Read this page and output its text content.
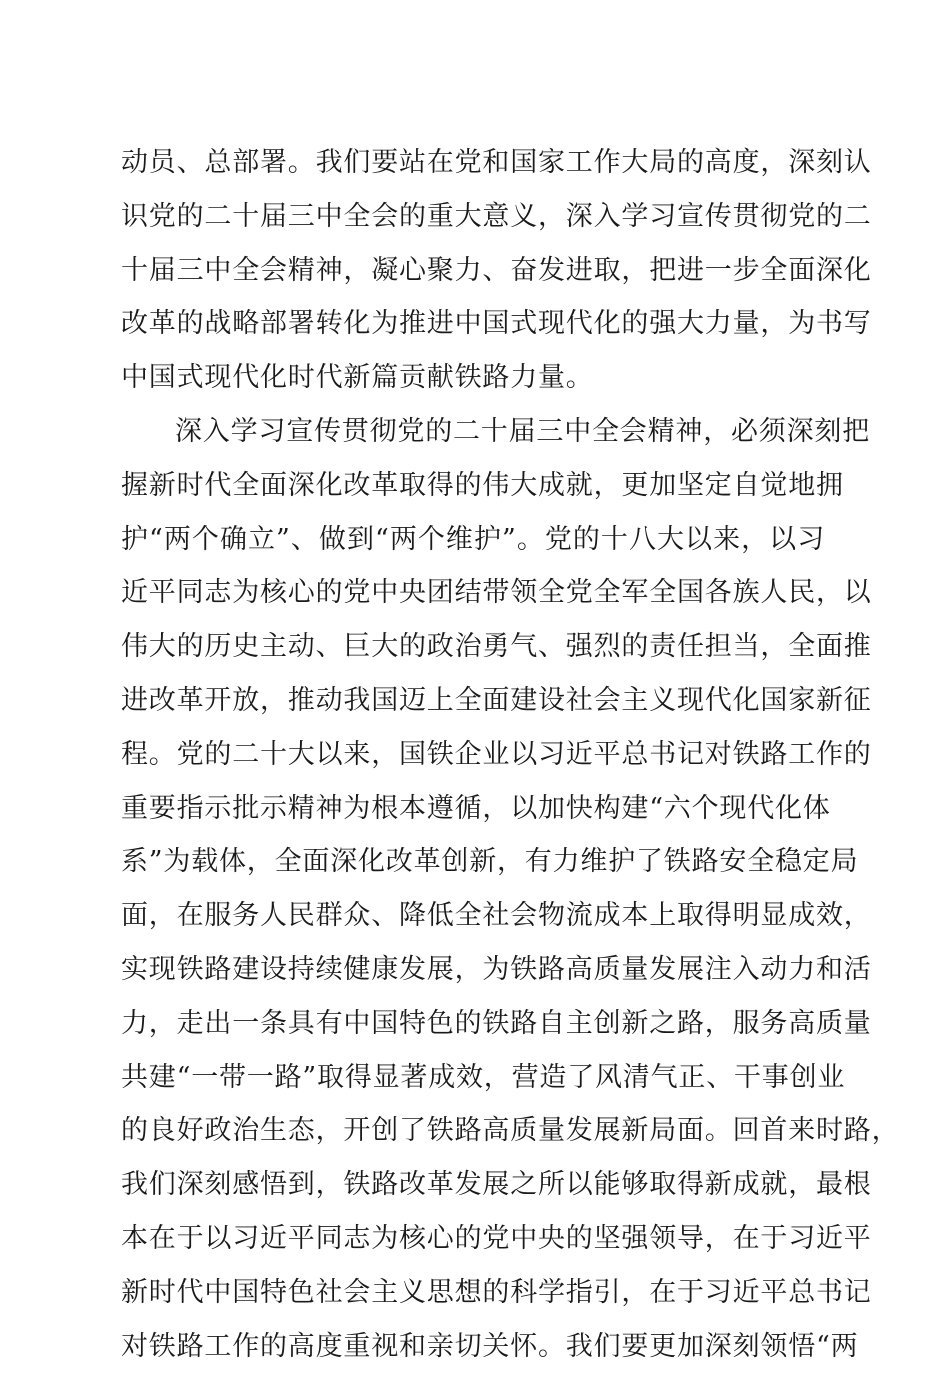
动员、总部署。我们要站在党和国家工作大局的高度，深刻认
识党的二十届三中全会的重大意义，深入学习宣传贯彻党的二
十届三中全会精神，凝心聚力、奋发进取，把进一步全面深化
改革的战略部署转化为推进中国式现代化的强大力量，为书写
中国式现代化时代新篇贡献铁路力量。
深入学习宣传贯彻党的二十届三中全会精神，必须深刻把
握新时代全面深化改革取得的伟大成就，更加坚定自觉地拥
护“两个确立”、做到“两个维护”。党的十八大以来，以习
近平同志为核心的党中央团结带领全党全军全国各族人民，以
伟大的历史主动、巨大的政治勇气、强烈的责任担当，全面推
进改革开放，推动我国迈上全面建设社会主义现代化国家新征
程。党的二十大以来，国铁企业以习近平总书记对铁路工作的
重要指示批示精神为根本遵循，以加快构建“六个现代化体
系”为载体，全面深化改革创新，有力维护了铁路安全稳定局
面，在服务人民群众、降低全社会物流成本上取得明显成效，
实现铁路建设持续健康发展，为铁路高质量发展注入动力和活
力，走出一条具有中国特色的铁路自主创新之路，服务高质量
共建“一带一路”取得显著成效，营造了风清气正、干事创业
的良好政治生态，开创了铁路高质量发展新局面。回首来时路，
我们深刻感悟到，铁路改革发展之所以能够取得新成就，最根
本在于以习近平同志为核心的党中央的坚强领导，在于习近平
新时代中国特色社会主义思想的科学指引，在于习近平总书记
对铁路工作的高度重视和亲切关怀。我们要更加深刻领悟“两
